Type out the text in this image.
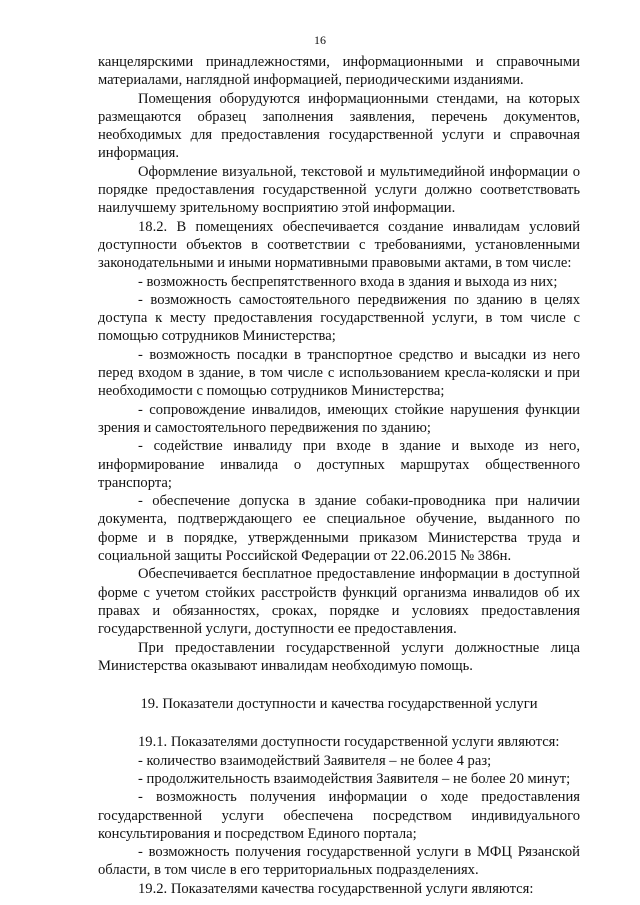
16

канцелярскими принадлежностями, информационными и справочными материалами, наглядной информацией, периодическими изданиями.

Помещения оборудуются информационными стендами, на которых размещаются образец заполнения заявления, перечень документов, необходимых для предоставления государственной услуги и справочная информация.

Оформление визуальной, текстовой и мультимедийной информации о порядке предоставления государственной услуги должно соответствовать наилучшему зрительному восприятию этой информации.

18.2. В помещениях обеспечивается создание инвалидам условий доступности объектов в соответствии с требованиями, установленными законодательными и иными нормативными правовыми актами, в том числе:

- возможность беспрепятственного входа в здания и выхода из них;

- возможность самостоятельного передвижения по зданию в целях доступа к месту предоставления государственной услуги, в том числе с помощью сотрудников Министерства;

- возможность посадки в транспортное средство и высадки из него перед входом в здание, в том числе с использованием кресла-коляски и при необходимости с помощью сотрудников Министерства;

- сопровождение инвалидов, имеющих стойкие нарушения функции зрения и самостоятельного передвижения по зданию;

- содействие инвалиду при входе в здание и выходе из него, информирование инвалида о доступных маршрутах общественного транспорта;

- обеспечение допуска в здание собаки-проводника при наличии документа, подтверждающего ее специальное обучение, выданного по форме и в порядке, утвержденными приказом Министерства труда и социальной защиты Российской Федерации от 22.06.2015 № 386н.

Обеспечивается бесплатное предоставление информации в доступной форме с учетом стойких расстройств функций организма инвалидов об их правах и обязанностях, сроках, порядке и условиях предоставления государственной услуги, доступности ее предоставления.

При предоставлении государственной услуги должностные лица Министерства оказывают инвалидам необходимую помощь.

19. Показатели доступности и качества государственной услуги

19.1. Показателями доступности государственной услуги являются:

- количество взаимодействий Заявителя – не более 4 раз;

- продолжительность взаимодействия Заявителя – не более 20 минут;

- возможность получения информации о ходе предоставления государственной услуги обеспечена посредством индивидуального консультирования и посредством Единого портала;

- возможность получения государственной услуги в МФЦ Рязанской области, в том числе в его территориальных подразделениях.

19.2. Показателями качества государственной услуги являются:
